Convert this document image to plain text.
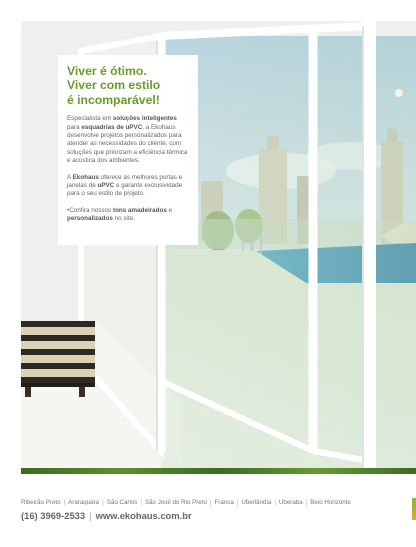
Viver é ótimo.
Viver com estilo
é incomparável!

Especialista em soluções inteligentes para esquadrias de uPVC, a Ekohaus desenvolve projetos personalizados para atender as necessidades do cliente, com soluções que priorizam a eficiência térmica e acústica dos ambientes.

A Ekohaus oferece as melhores portas e janelas de uPVC e garante exclusividade para o seu estilo de projeto.

•Confira nossos tons amadeirados e personalizados no site.

Ribeirão Preto | Araraquara | São Carlos | São José do Rio Preto | Franca | Uberlândia | Uberaba | Belo Horizonte
(16) 3969-2533 | www.ekohaus.com.br
